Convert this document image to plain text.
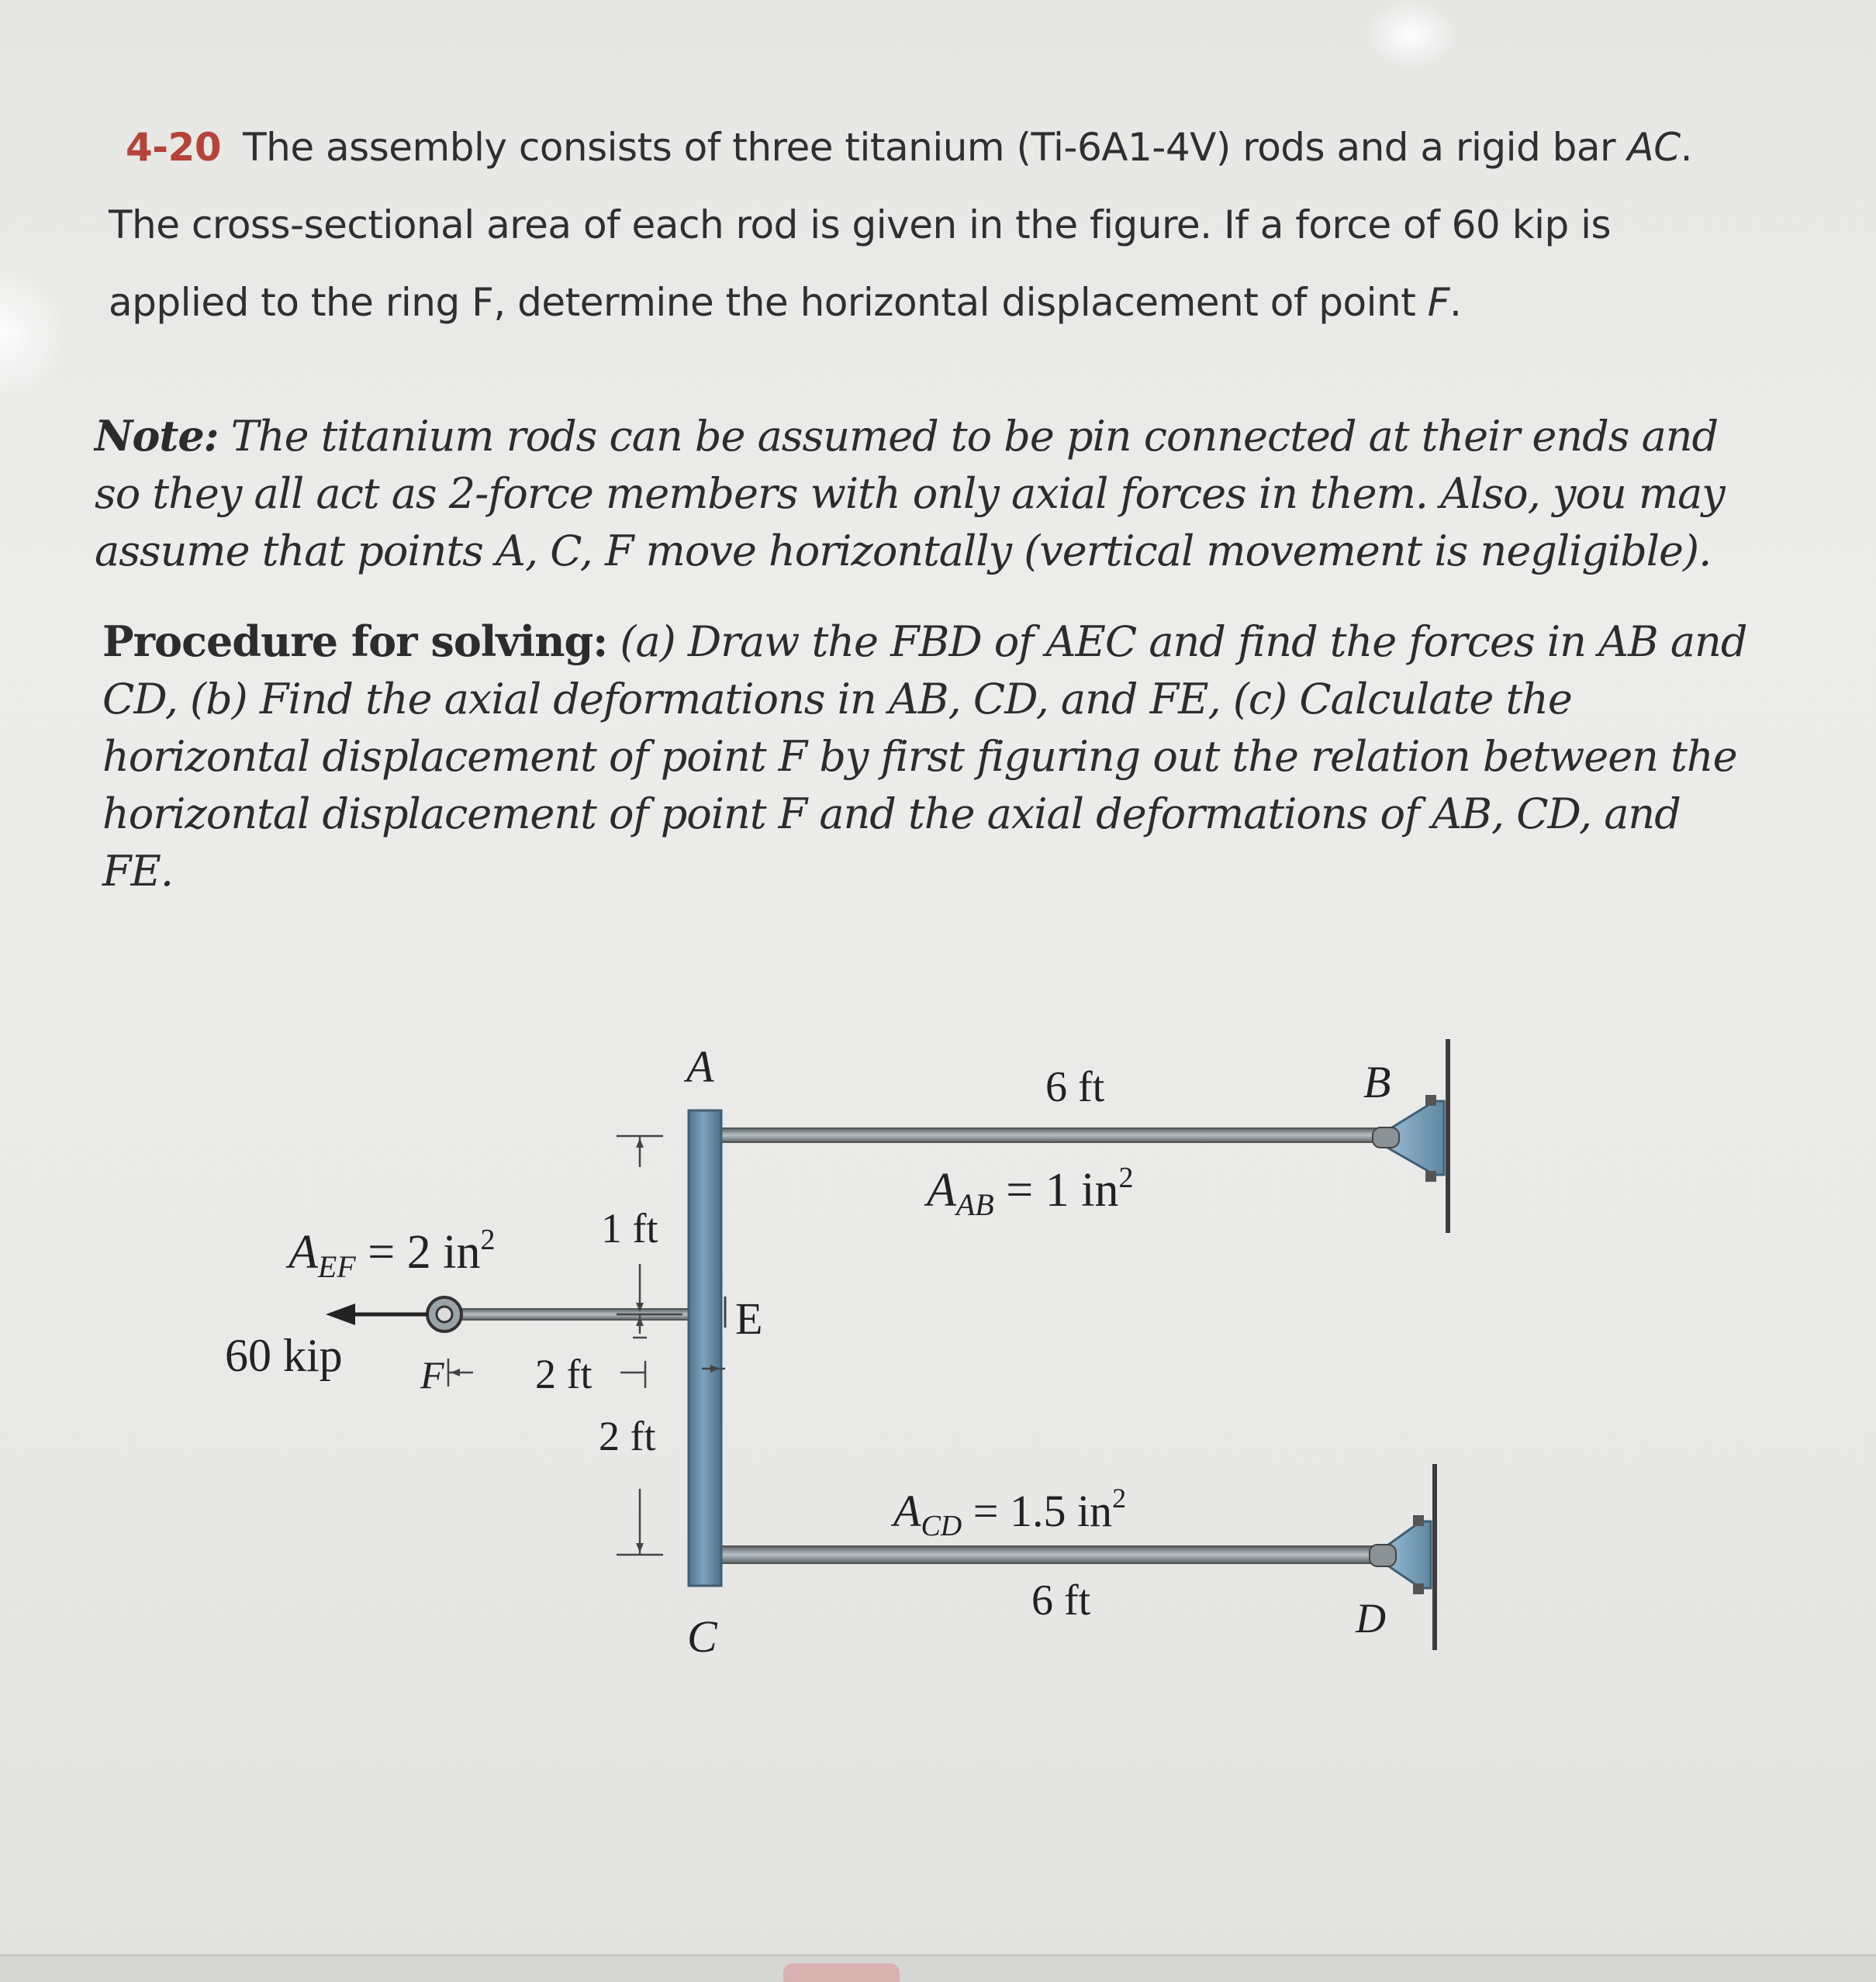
4-20 The assembly consists of three titanium (Ti-6A1-4V) rods and a rigid bar AC. The cross-sectional area of each rod is given in the figure. If a force of 60 kip is applied to the ring F, determine the horizontal displacement of point F.
Note: The titanium rods can be assumed to be pin connected at their ends and so they all act as 2-force members with only axial forces in them. Also, you may assume that points A, C, F move horizontally (vertical movement is negligible).
Procedure for solving: (a) Draw the FBD of AEC and find the forces in AB and CD, (b) Find the axial deformations in AB, CD, and FE, (c) Calculate the horizontal displacement of point F by first figuring out the relation between the horizontal displacement of point F and the axial deformations of AB, CD, and FE.
A	B
C	D
E
F
6 ft
6 ft
AAB = 1 $in^2$
$A_{CD} = 1.5$ $in^2$
AEF = 2 $in^2$	1 ft
2 ft
2 ft
60 kip
